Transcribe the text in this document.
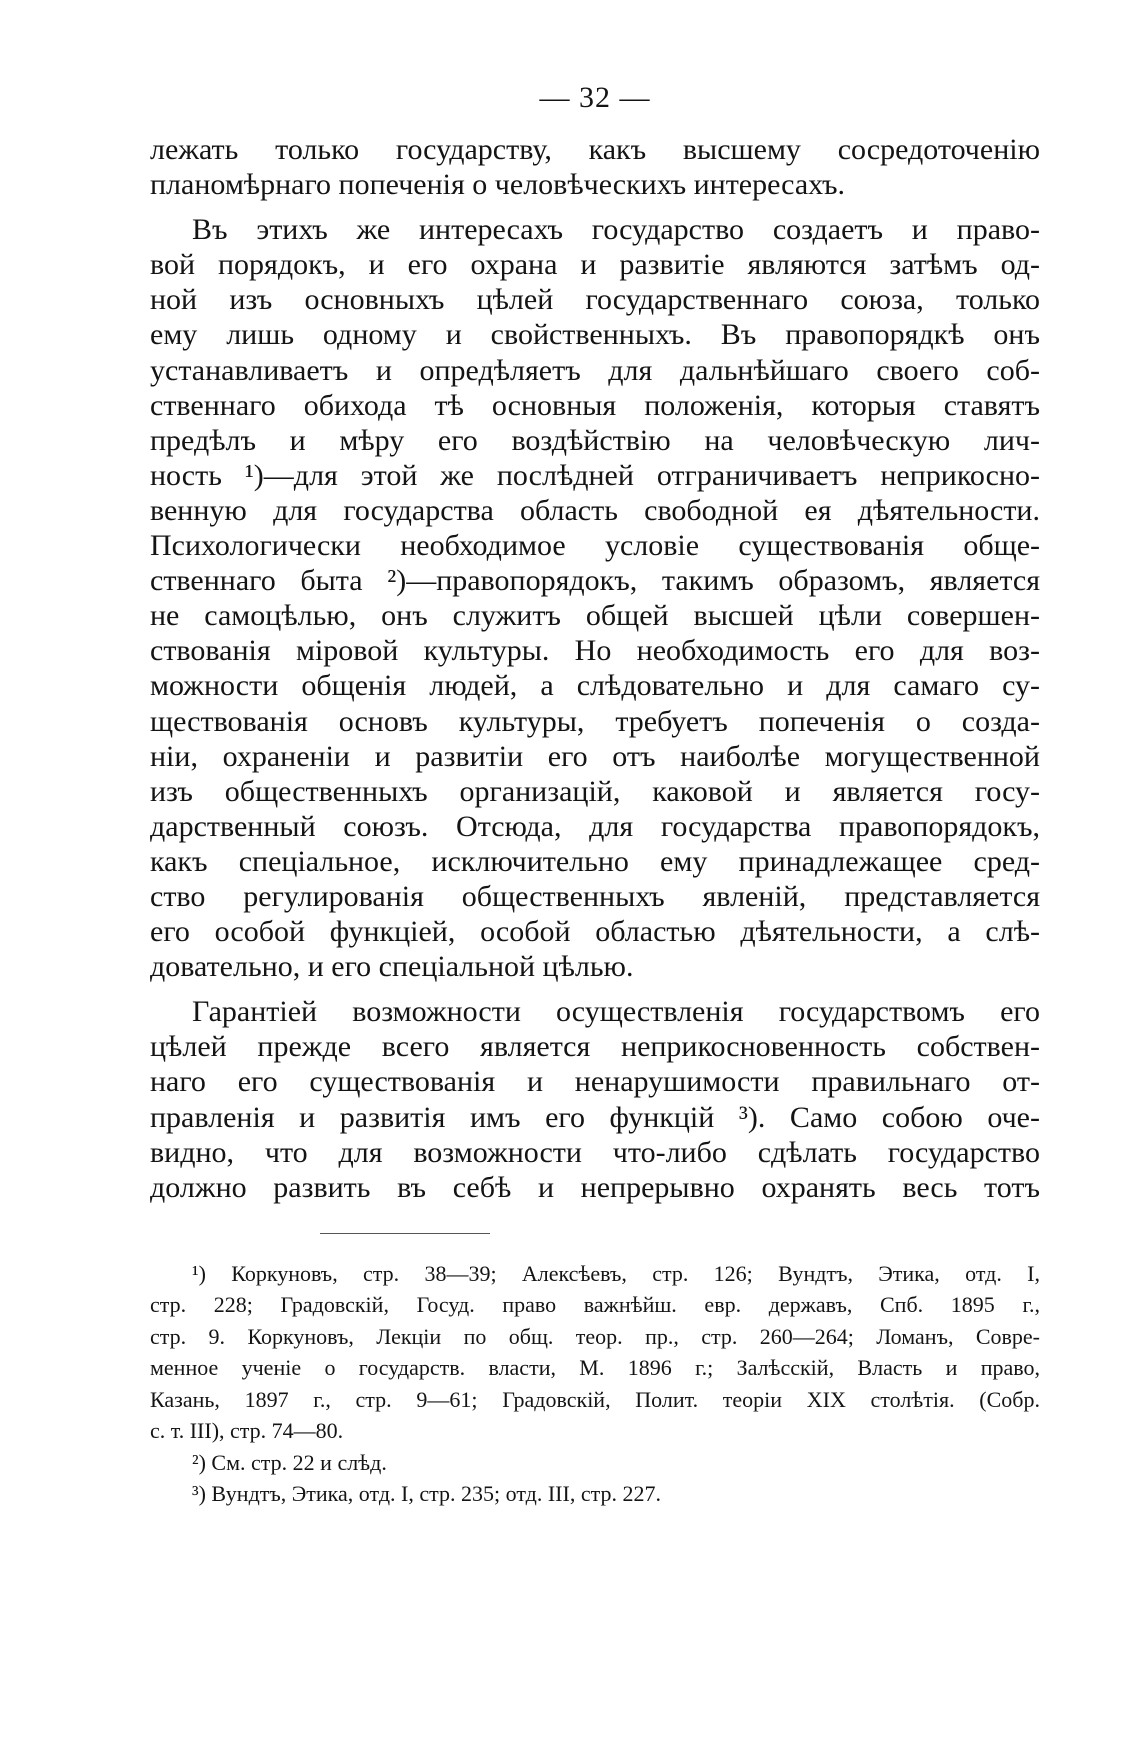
— 32 —
лежать только государству, какъ высшему сосредоточенію
планомѣрнаго попеченія о человѣческихъ интересахъ.
Въ этихъ же интересахъ государство создаетъ и право-
вой порядокъ, и его охрана и развитіе являются затѣмъ од-
ной изъ основныхъ цѣлей государственнаго союза, только
ему лишь одному и свойственныхъ. Въ правопорядкѣ онъ
устанавливаетъ и опредѣляетъ для дальнѣйшаго своего соб-
ственнаго обихода тѣ основныя положенія, которыя ставятъ
предѣлъ и мѣру его воздѣйствію на человѣческую лич-
ность ¹)—для этой же послѣдней отграничиваетъ неприкосно-
венную для государства область свободной ея дѣятельности.
Психологически необходимое условіе существованія обще-
ственнаго быта ²)—правопорядокъ, такимъ образомъ, является
не самоцѣлью, онъ служитъ общей высшей цѣли совершен-
ствованія міровой культуры. Но необходимость его для воз-
можности общенія людей, а слѣдовательно и для самаго су-
ществованія основъ культуры, требуетъ попеченія о созда-
ніи, охраненіи и развитіи его отъ наиболѣе могущественной
изъ общественныхъ организацій, каковой и является госу-
дарственный союзъ. Отсюда, для государства правопорядокъ,
какъ спеціальное, исключительно ему принадлежащее сред-
ство регулированія общественныхъ явленій, представляется
его особой функціей, особой областью дѣятельности, а слѣ-
довательно, и его спеціальной цѣлью.
Гарантіей возможности осуществленія государствомъ его
цѣлей прежде всего является неприкосновенность собствен-
наго его существованія и ненарушимости правильнаго от-
правленія и развитія имъ его функцій ³). Само собою оче-
видно, что для возможности что-либо сдѣлать государство
должно развить въ себѣ и непрерывно охранять весь тотъ
¹) Коркуновъ, стр. 38—39; Алексѣевъ, стр. 126; Вундтъ, Этика, отд. I,
стр. 228; Градовскій, Госуд. право важнѣйш. евр. державъ, Спб. 1895 г.,
стр. 9. Коркуновъ, Лекціи по общ. теор. пр., стр. 260—264; Ломанъ, Совре-
менное ученіе о государств. власти, М. 1896 г.; Залѣсскій, Власть и право,
Казань, 1897 г., стр. 9—61; Градовскій, Полит. теоріи XIX столѣтія. (Собр.
с. т. III), стр. 74—80.
²) См. стр. 22 и слѣд.
³) Вундтъ, Этика, отд. I, стр. 235; отд. III, стр. 227.
